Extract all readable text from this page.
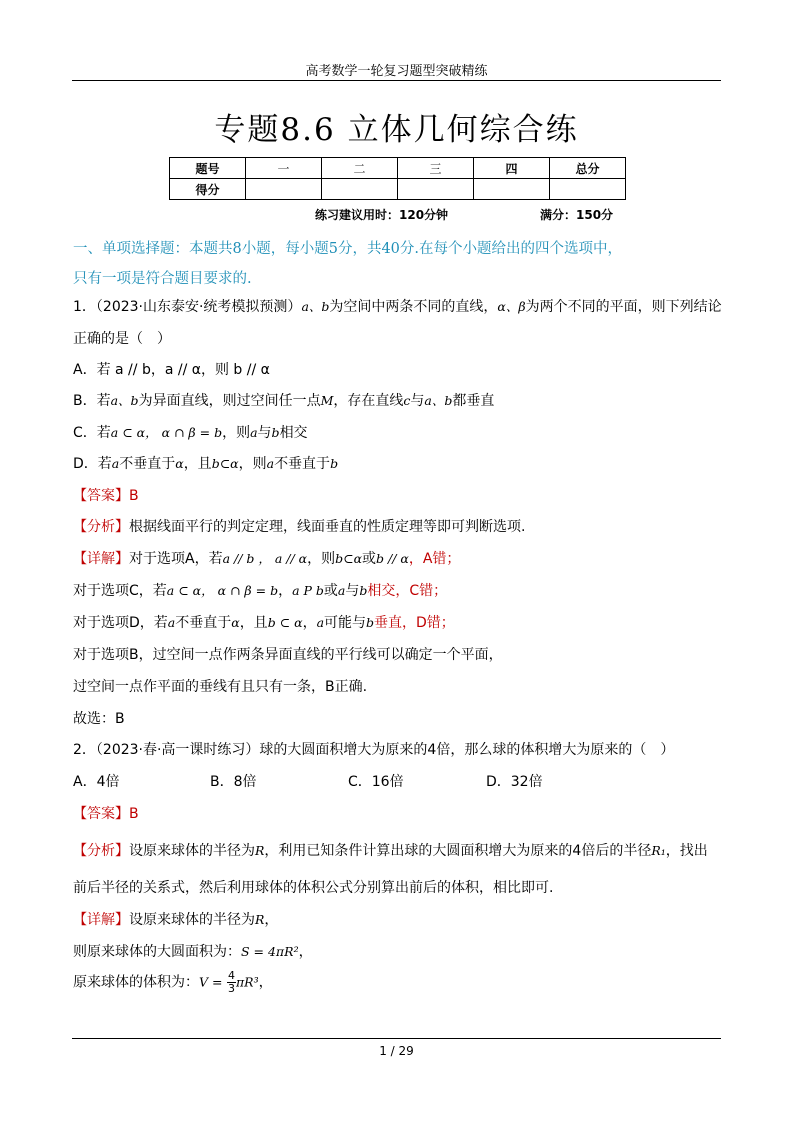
高考数学一轮复习题型突破精练
专题8.6 立体几何综合练
题号	一	二	三	四	总分
得分					
练习建议用时：120分钟	满分：150分
一、单项选择题：本题共8小题，每小题5分，共40分.在每个小题给出的四个选项中，
只有一项是符合题目要求的.
1．（2023·山东泰安·统考模拟预测）a、b为空间中两条不同的直线，α、β为两个不同的平面，则下列结论
正确的是（　）
A．若 a // b，a // α，则 b // α
B．若a、b为异面直线，则过空间任一点M，存在直线c与a、b都垂直
C．若a ⊂ α， α ∩ β = b，则a与b相交
D．若a不垂直于α，且b⊂α，则a不垂直于b
【答案】B
【分析】根据线面平行的判定定理，线面垂直的性质定理等即可判断选项.
【详解】对于选项A，若a // b ， a // α，则b⊂α或b // α，A错；
对于选项C，若a ⊂ α， α ∩ β = b，a P b或a与b相交，C错；
对于选项D，若a不垂直于α，且b ⊂ α，a可能与b垂直，D错；
对于选项B，过空间一点作两条异面直线的平行线可以确定一个平面，
过空间一点作平面的垂线有且只有一条，B正确.
故选：B
2．（2023·春·高一课时练习）球的大圆面积增大为原来的4倍，那么球的体积增大为原来的（　）
A．4倍	B．8倍	C．16倍	D．32倍
【答案】B
【分析】设原来球体的半径为R，利用已知条件计算出球的大圆面积增大为原来的4倍后的半径R₁，找出
前后半径的关系式，然后利用球体的体积公式分别算出前后的体积，相比即可.
【详解】设原来球体的半径为R，
则原来球体的大圆面积为：S = 4πR²，
原来球体的体积为：$V = \frac{4}{3} \pi R^3$，
1 / 29
